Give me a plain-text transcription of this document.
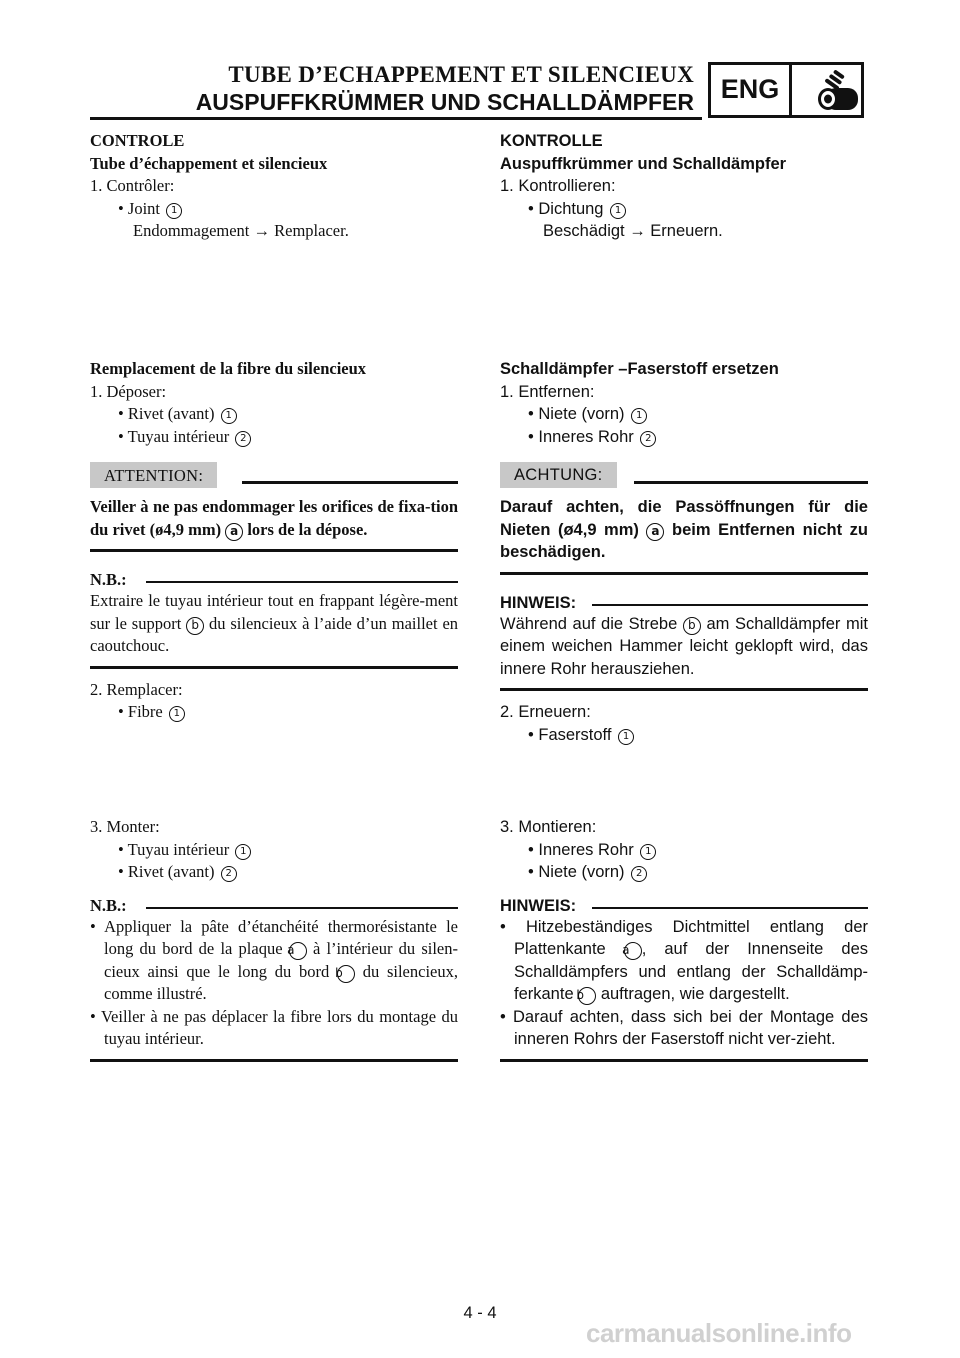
TUBE D’ECHAPPEMENT ET SILENCIEUX
AUSPUFFKRÜMMER UND SCHALLDÄMPFER ENG

CONTROLE

Tube d’échappement et silencieux

1. Contrôler:

• Joint 1

Endommagement → Remplacer.

KONTROLLE

Auspuffkrümmer und Schalldämpfer

1. Kontrollieren:

• Dichtung 1

Beschädigt → Erneuern.

Remplacement de la fibre du silencieux

1. Déposer:

• Rivet (avant) 1

• Tuyau intérieur 2

ATTENTION:

Veiller à ne pas endommager les orifices de fixa-tion du rivet (ø4,9 mm) a lors de la dépose.

N.B.:

Extraire le tuyau intérieur tout en frappant légère-ment sur le support b du silencieux à l’aide d’un maillet en caoutchouc.

2. Remplacer:

• Fibre 1

Schalldämpfer –Faserstoff ersetzen

1. Entfernen:

• Niete (vorn) 1

• Inneres Rohr 2

ACHTUNG:

Darauf achten, die Passöffnungen für die Nieten (ø4,9 mm) a beim Entfernen nicht zu beschädigen.

HINWEIS:

Während auf die Strebe b am Schalldämpfer mit einem weichen Hammer leicht geklopft wird, das innere Rohr herausziehen.

2. Erneuern:

• Faserstoff 1

3. Monter:

• Tuyau intérieur 1

• Rivet (avant) 2

N.B.:

• Appliquer la pâte d’étanchéité thermorésistante le long du bord de la plaque a à l’intérieur du silen-cieux ainsi que le long du bord b du silencieux, comme illustré.

• Veiller à ne pas déplacer la fibre lors du montage du tuyau intérieur.

3. Montieren:

• Inneres Rohr 1

• Niete (vorn) 2

HINWEIS:

• Hitzebeständiges Dichtmittel entlang der Plattenkante a , auf der Innenseite des Schalldämpfers und entlang der Schalldämp-ferkante b auftragen, wie dargestellt.

• Darauf achten, dass sich bei der Montage des inneren Rohrs der Faserstoff nicht ver-zieht.

4 - 4
carmanualsonline.info
